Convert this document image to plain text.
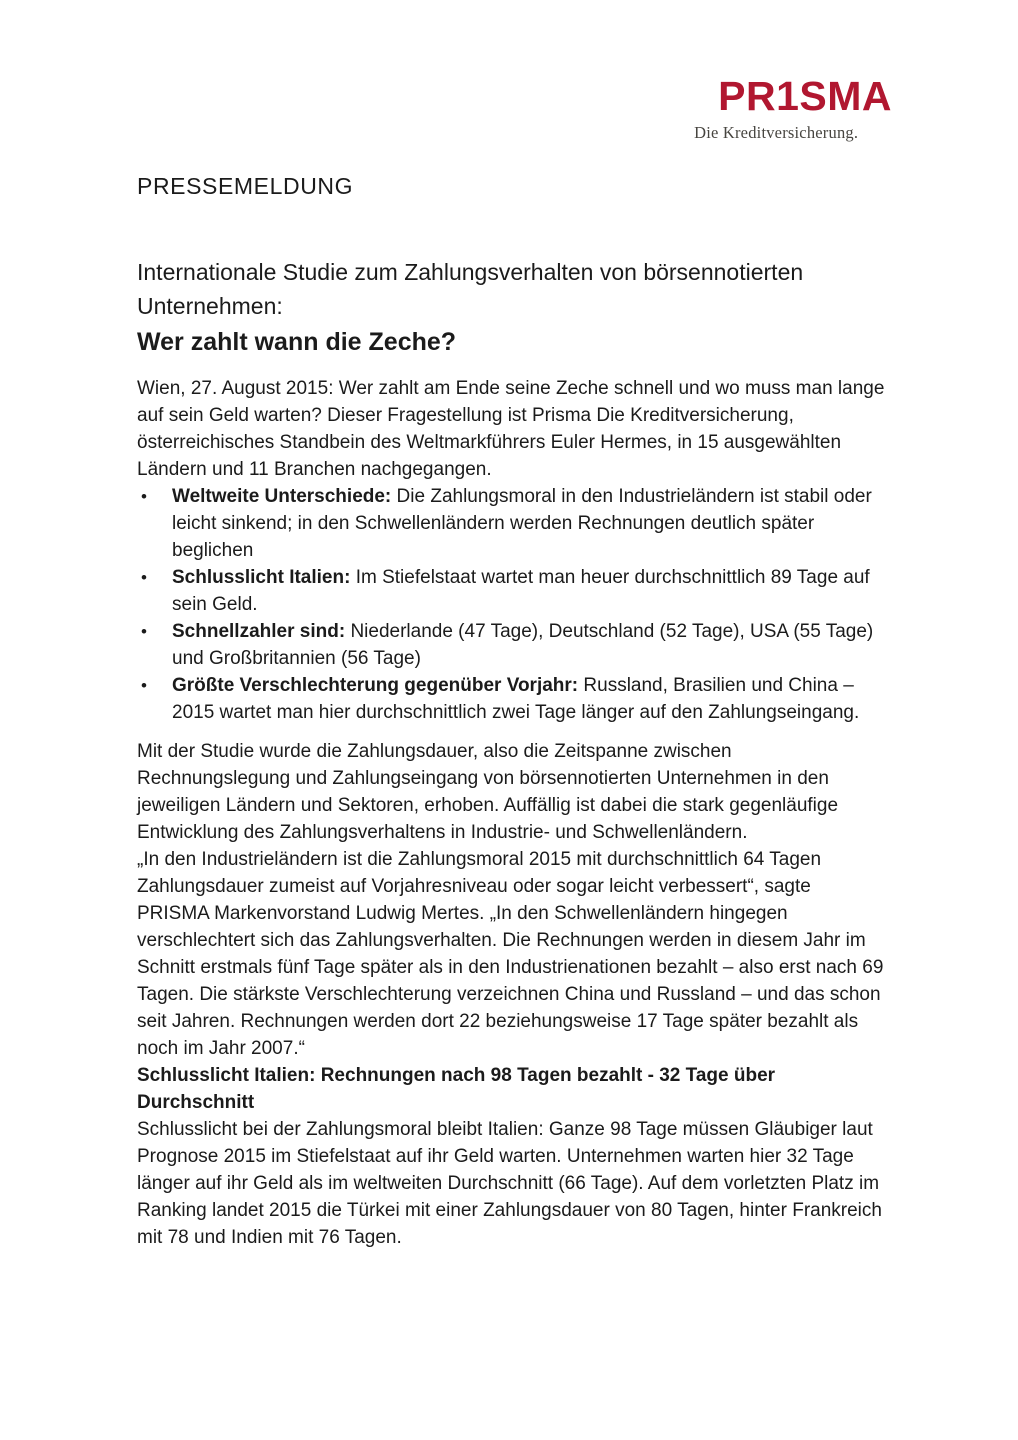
PR1SMA
Die Kreditversicherung.
PRESSEMELDUNG
Internationale Studie zum Zahlungsverhalten von börsennotierten Unternehmen:
Wer zahlt wann die Zeche?

Wien, 27. August 2015: Wer zahlt am Ende seine Zeche schnell und wo muss man lange auf sein Geld warten? Dieser Fragestellung ist Prisma Die Kreditversicherung, österreichisches Standbein des Weltmarkführers Euler Hermes, in 15 ausgewählten Ländern und 11 Branchen nachgegangen.

•	Weltweite Unterschiede: Die Zahlungsmoral in den Industrieländern ist stabil oder leicht sinkend; in den Schwellenländern werden Rechnungen deutlich später beglichen
•	Schlusslicht Italien: Im Stiefelstaat wartet man heuer durchschnittlich 89 Tage auf sein Geld.
•	Schnellzahler sind: Niederlande (47 Tage), Deutschland (52 Tage), USA (55 Tage) und Großbritannien (56 Tage)
•	Größte Verschlechterung gegenüber Vorjahr: Russland, Brasilien und China – 2015 wartet man hier durchschnittlich zwei Tage länger auf den Zahlungseingang.

Mit der Studie wurde die Zahlungsdauer, also die Zeitspanne zwischen Rechnungslegung und Zahlungseingang von börsennotierten Unternehmen in den jeweiligen Ländern und Sektoren, erhoben. Auffällig ist dabei die stark gegenläufige Entwicklung des Zahlungsverhaltens in Industrie- und Schwellenländern.

„In den Industrieländern ist die Zahlungsmoral 2015 mit durchschnittlich 64 Tagen Zahlungsdauer zumeist auf Vorjahresniveau oder sogar leicht verbessert“, sagte PRISMA Markenvorstand Ludwig Mertes. „In den Schwellenländern hingegen verschlechtert sich das Zahlungsverhalten. Die Rechnungen werden in diesem Jahr im Schnitt erstmals fünf Tage später als in den Industrienationen bezahlt – also erst nach 69 Tagen. Die stärkste Verschlechterung verzeichnen China und Russland – und das schon seit Jahren. Rechnungen werden dort 22 beziehungsweise 17 Tage später bezahlt als noch im Jahr 2007.“

Schlusslicht Italien: Rechnungen nach 98 Tagen bezahlt - 32 Tage über Durchschnitt

Schlusslicht bei der Zahlungsmoral bleibt Italien: Ganze 98 Tage müssen Gläubiger laut Prognose 2015 im Stiefelstaat auf ihr Geld warten. Unternehmen warten hier 32 Tage länger auf ihr Geld als im weltweiten Durchschnitt (66 Tage). Auf dem vorletzten Platz im Ranking landet 2015 die Türkei mit einer Zahlungsdauer von 80 Tagen, hinter Frankreich mit 78 und Indien mit 76 Tagen.
